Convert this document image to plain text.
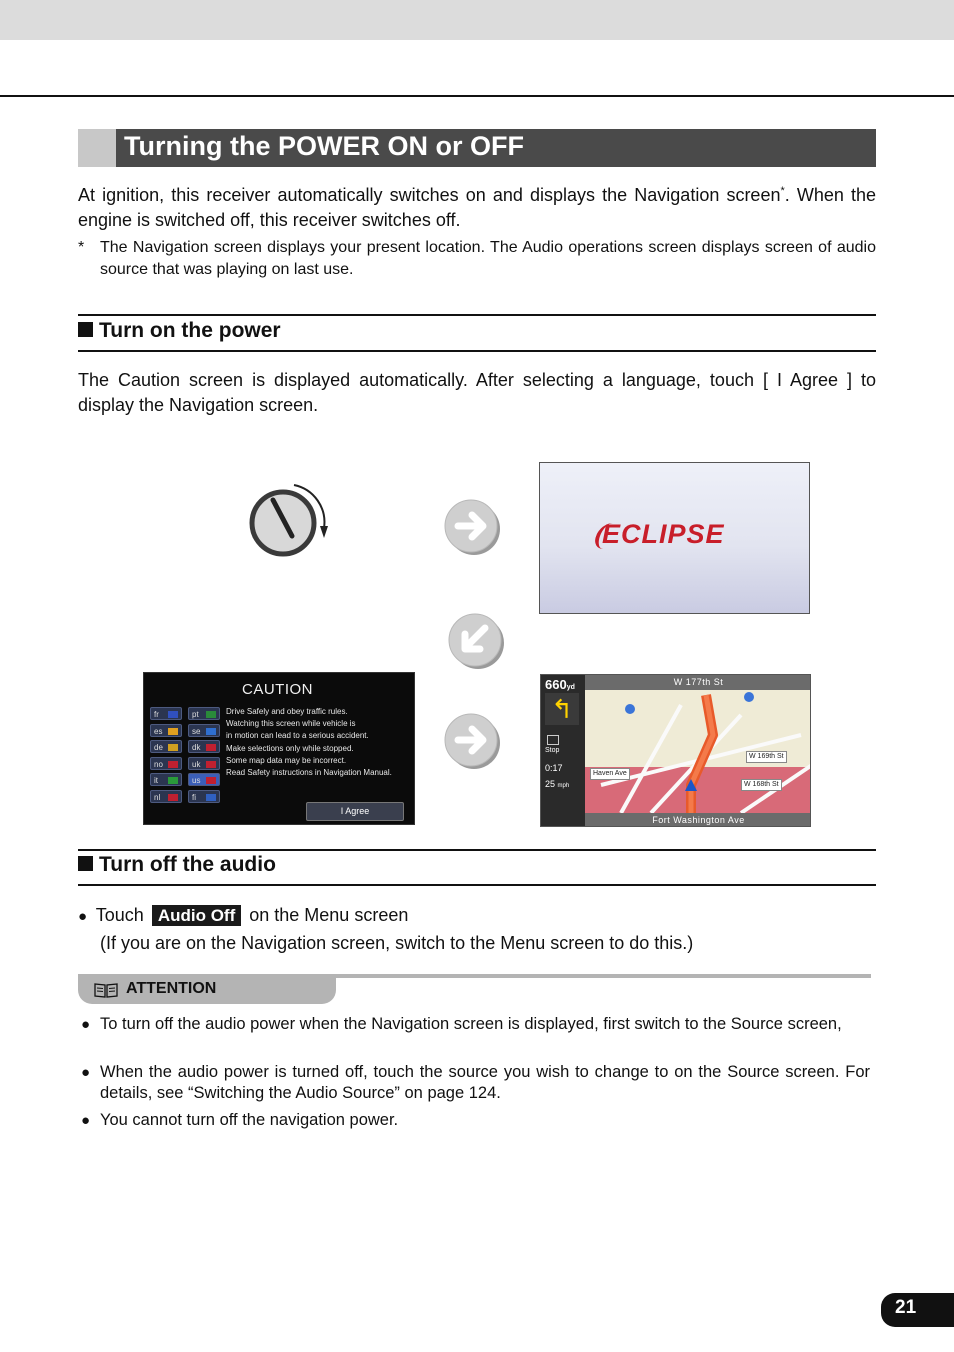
Turning the POWER ON or OFF
At ignition, this receiver automatically switches on and displays the Navigation screen*. When the engine is switched off, this receiver switches off.
* The Navigation screen displays your present location. The Audio operations screen displays screen of audio source that was playing on last use.
Turn on the power
The Caution screen is displayed automatically. After selecting a language, touch [ I Agree ] to display the Navigation screen.
ECLIPSE
CAUTION
fr	pt
es	se
de	dk
no	uk
it	us
nl	fi
Drive Safely and obey traffic rules.
Watching this screen while vehicle is
in motion can lead to a serious accident.
Make selections only while stopped.
Some map data may be incorrect.
Read Safety instructions in Navigation Manual.
I Agree
660yd
↰
Stop
0:17
25 mph
W 177th St
Haven Ave
W 169th St
W 168th St
Fort Washington Ave
Turn off the audio
● Touch Audio Off on the Menu screen
(If you are on the Navigation screen, switch to the Menu screen to do this.)
ATTENTION
● To turn off the audio power when the Navigation screen is displayed, first switch to the Source screen,
● When the audio power is turned off, touch the source you wish to change to on the Source screen. For details, see “Switching the Audio Source” on page 124.
● You cannot turn off the navigation power.
21
